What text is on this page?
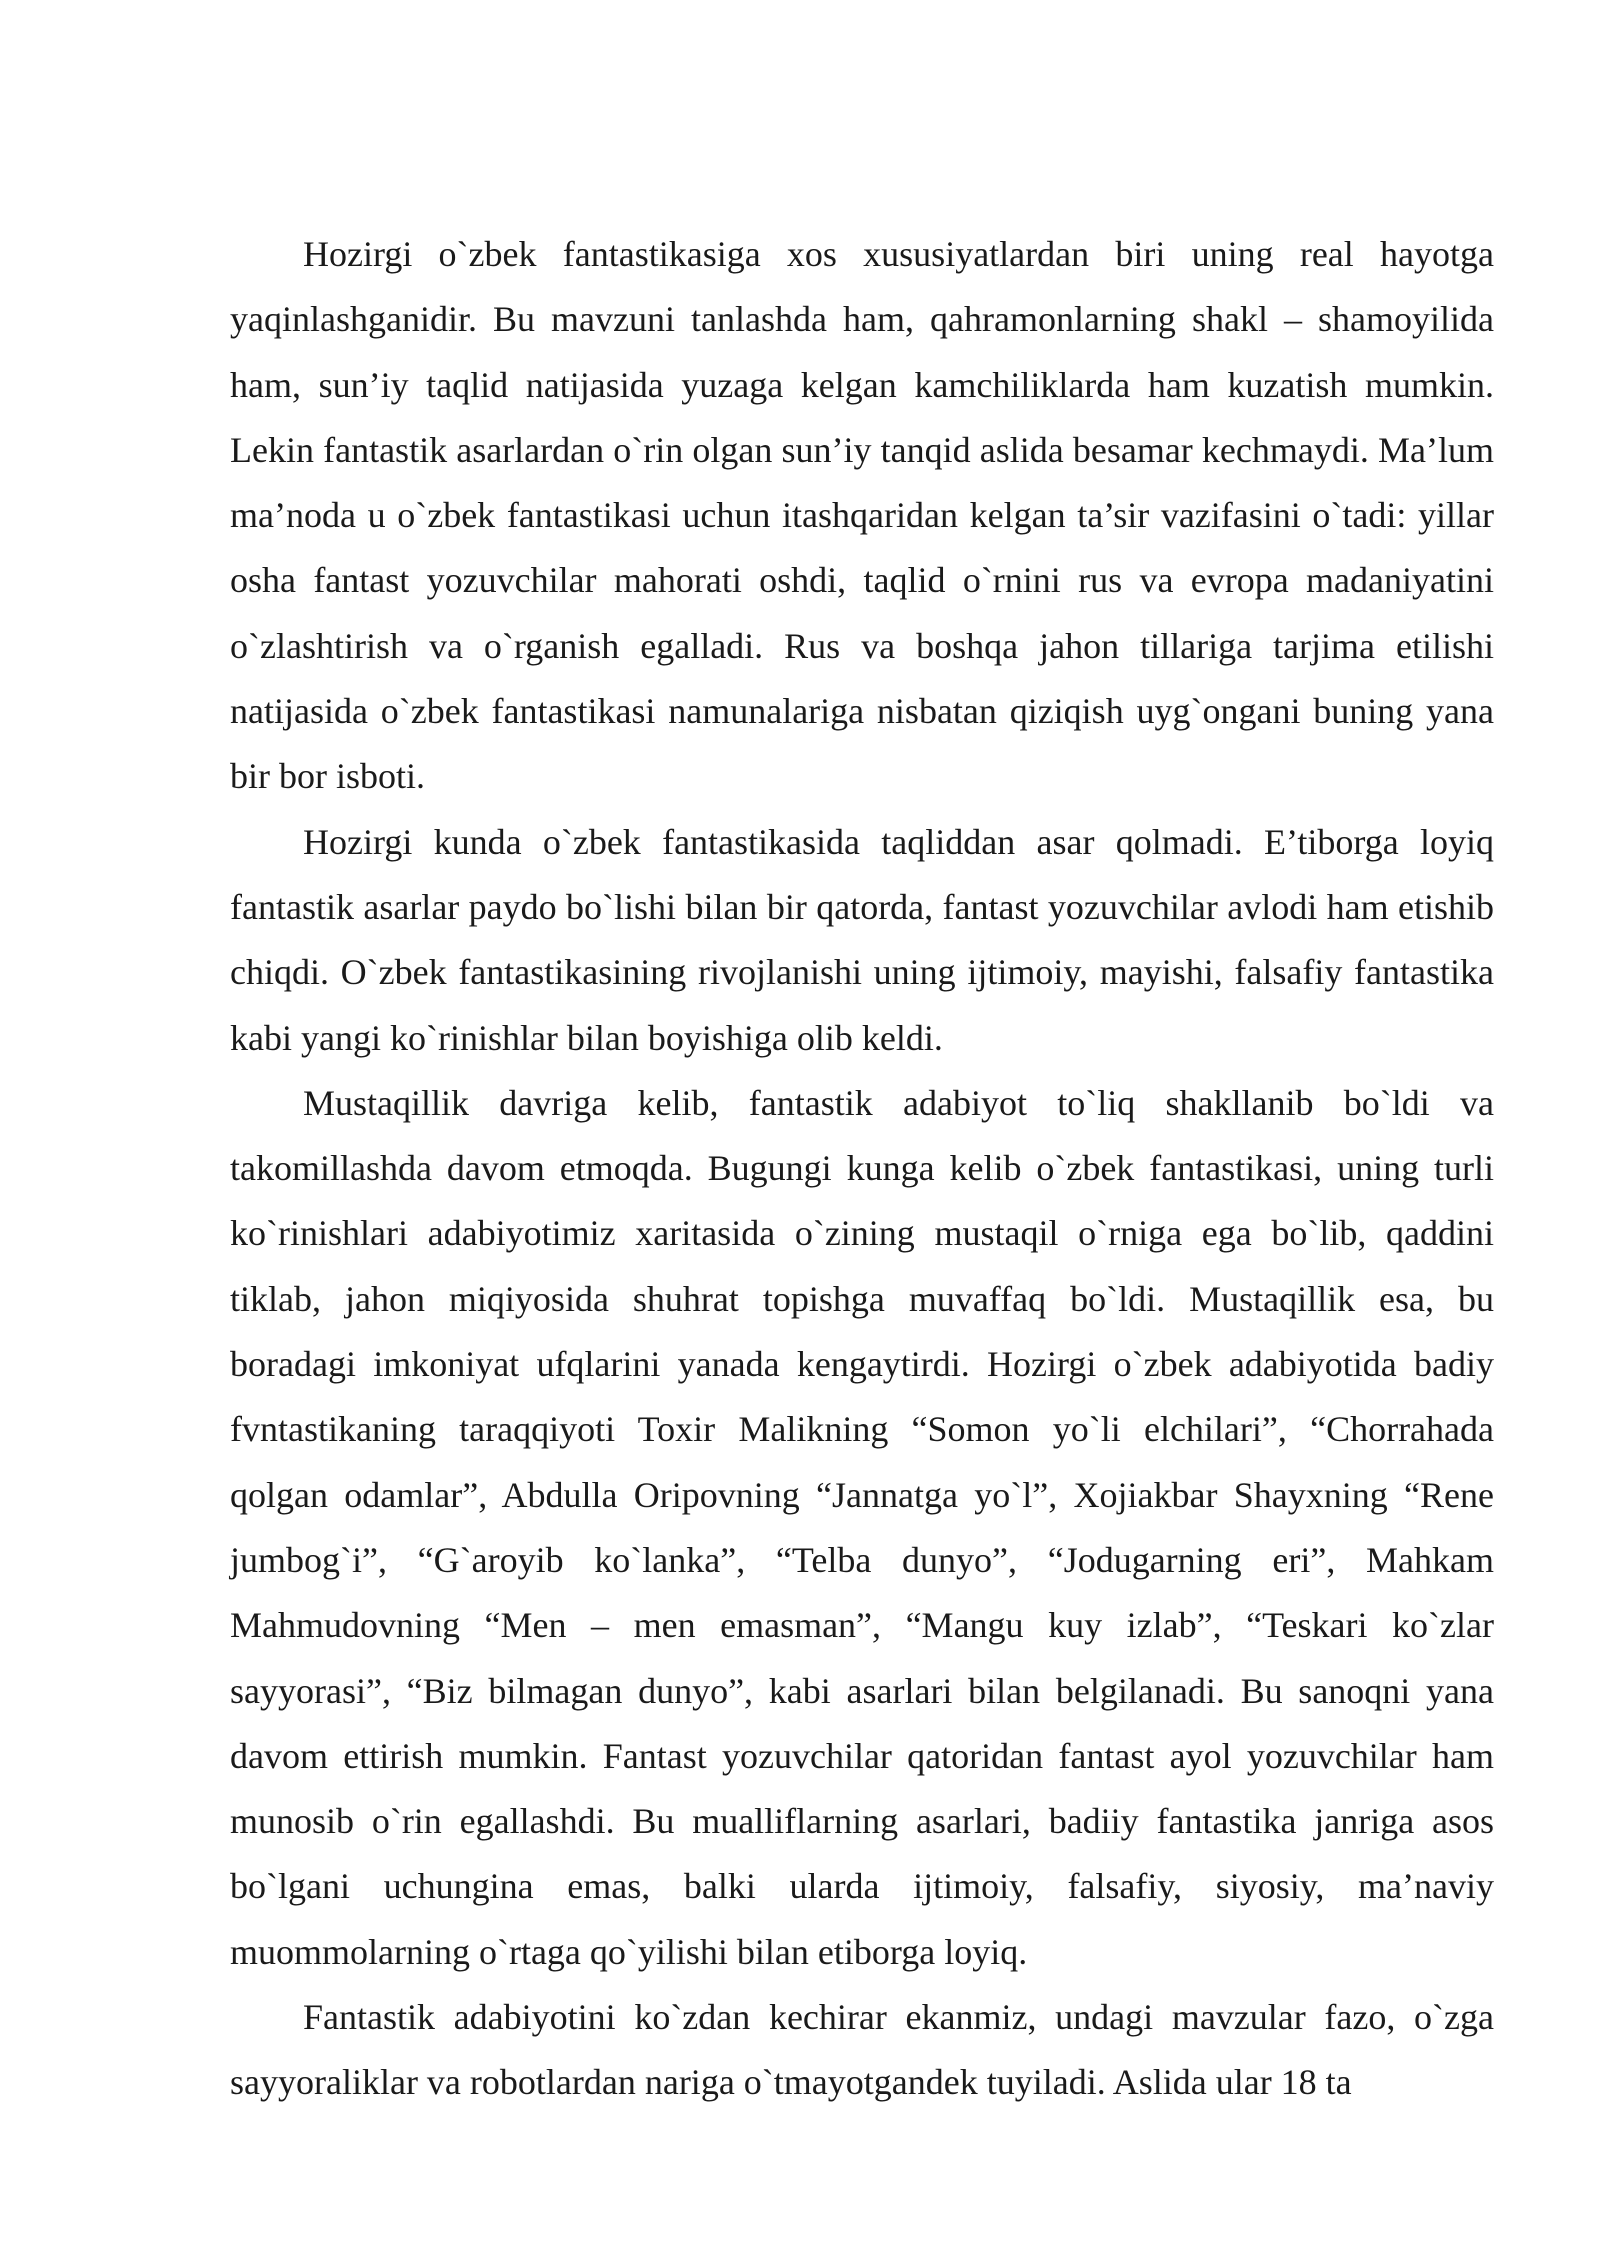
Hozirgi o`zbek fantastikasiga xos xususiyatlardan biri uning real hayotga yaqinlashganidir. Bu mavzuni tanlashda ham, qahramonlarning shakl – shamoyilida ham, sun’iy taqlid natijasida yuzaga kelgan kamchiliklarda ham kuzatish mumkin. Lekin fantastik asarlardan o`rin olgan sun’iy tanqid aslida besamar kechmaydi. Ma’lum ma’noda u o`zbek fantastikasi uchun itashqaridan kelgan ta’sir vazifasini o`tadi: yillar osha fantast yozuvchilar mahorati oshdi, taqlid o`rnini rus va evropa madaniyatini o`zlashtirish va o`rganish egalladi. Rus va boshqa jahon tillariga tarjima etilishi natijasida o`zbek fantastikasi namunalariga nisbatan qiziqish uyg`ongani buning yana bir bor isboti.

Hozirgi kunda o`zbek fantastikasida taqliddan asar qolmadi. E’tiborga loyiq fantastik asarlar paydo bo`lishi bilan bir qatorda, fantast yozuvchilar avlodi ham etishib chiqdi. O`zbek fantastikasining rivojlanishi uning ijtimoiy, mayishi, falsafiy fantastika kabi yangi ko`rinishlar bilan boyishiga olib keldi.

Mustaqillik davriga kelib, fantastik adabiyot to`liq shakllanib bo`ldi va takomillashda davom etmoqda. Bugungi kunga kelib o`zbek fantastikasi, uning turli ko`rinishlari adabiyotimiz xaritasida o`zining mustaqil o`rniga ega bo`lib, qaddini tiklab, jahon miqiyosida shuhrat topishga muvaffaq bo`ldi. Mustaqillik esa, bu boradagi imkoniyat ufqlarini yanada kengaytirdi. Hozirgi o`zbek adabiyotida badiy fvntastikaning taraqqiyoti Toxir Malikning “Somon yo`li elchilari”, “Chorrahada qolgan odamlar”, Abdulla Oripovning “Jannatga yo`l”, Xojiakbar Shayxning “Rene jumbog`i”, “G`aroyib ko`lanka”, “Telba dunyo”, “Jodugarning eri”, Mahkam Mahmudovning “Men – men emasman”, “Mangu kuy izlab”, “Teskari ko`zlar sayyorasi”, “Biz bilmagan dunyo”, kabi asarlari bilan belgilanadi. Bu sanoqni yana davom ettirish mumkin. Fantast yozuvchilar qatoridan fantast ayol yozuvchilar ham munosib o`rin egallashdi. Bu mualliflarning asarlari, badiiy fantastika janriga asos bo`lgani uchungina emas, balki ularda ijtimoiy, falsafiy, siyosiy, ma’naviy muommolarning o`rtaga qo`yilishi bilan etiborga loyiq.

Fantastik adabiyotini ko`zdan kechirar ekanmiz, undagi mavzular fazo, o`zga sayyoraliklar va robotlardan nariga o`tmayotgandek tuyiladi. Aslida ular 18 ta
